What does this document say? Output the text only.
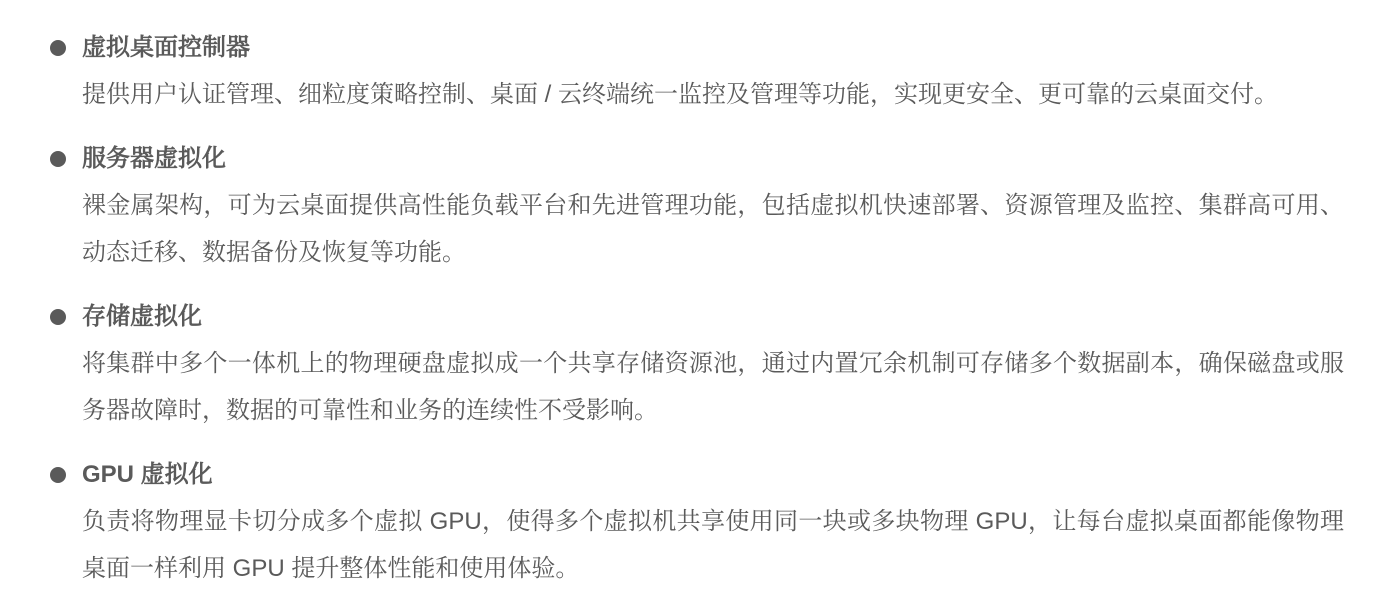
虚拟桌面控制器

提供用户认证管理、细粒度策略控制、桌面 / 云终端统一监控及管理等功能，实现更安全、更可靠的云桌面交付。

服务器虚拟化

裸金属架构，可为云桌面提供高性能负载平台和先进管理功能，包括虚拟机快速部署、资源管理及监控、集群高可用、动态迁移、数据备份及恢复等功能。

存储虚拟化

将集群中多个一体机上的物理硬盘虚拟成一个共享存储资源池，通过内置冗余机制可存储多个数据副本，确保磁盘或服务器故障时，数据的可靠性和业务的连续性不受影响。

GPU 虚拟化

负责将物理显卡切分成多个虚拟 GPU，使得多个虚拟机共享使用同一块或多块物理 GPU，让每台虚拟桌面都能像物理桌面一样利用 GPU 提升整体性能和使用体验。
